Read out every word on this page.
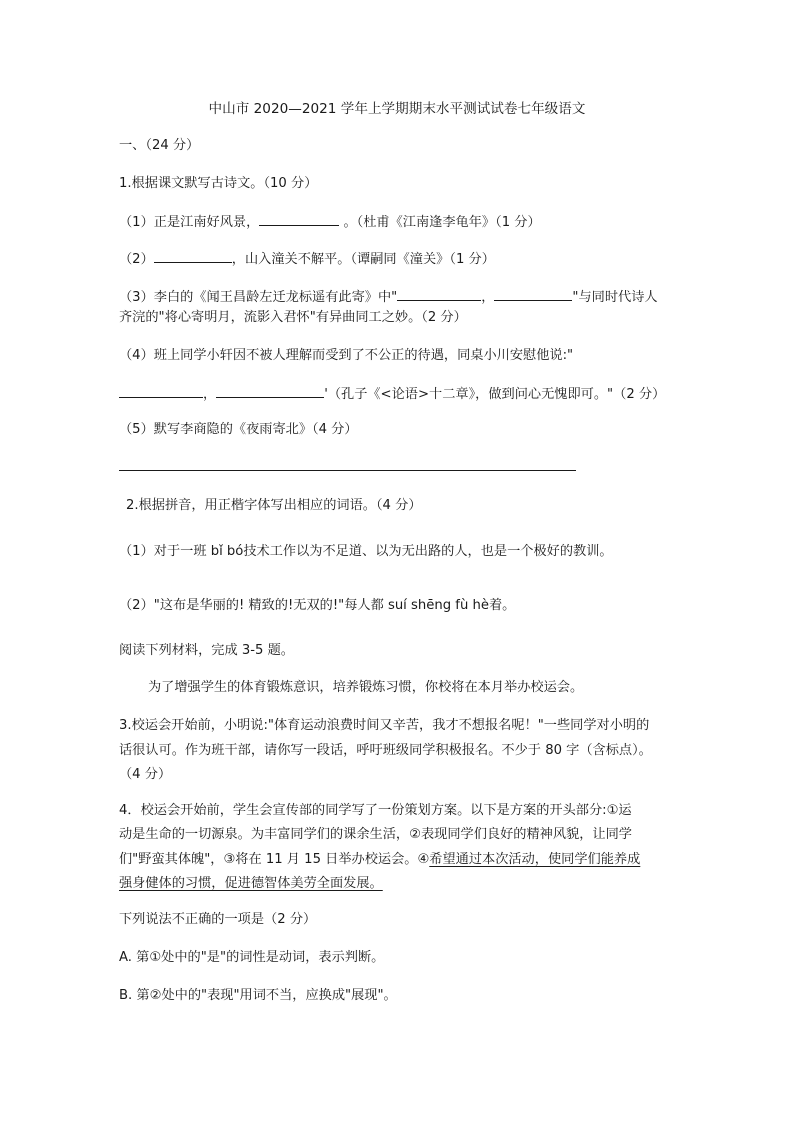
中山市 2020—2021 学年上学期期末水平测试试卷七年级语文
一、（24 分）
1.根据课文默写古诗文。（10 分）
（1）正是江南好风景，	。（杜甫《江南逢李龟年》（1 分）
（2）	，山入潼关不解平。（谭嗣同《潼关》（1 分）
（3）李白的《闻王昌龄左迁龙标遥有此寄》中"	，	"与同时代诗人
齐浣的"将心寄明月，流影入君怀"有异曲同工之妙。（2 分）
（4）班上同学小轩因不被人理解而受到了不公正的待遇，同桌小川安慰他说:"
，	'（孔子《<论语>十二章》，做到问心无愧即可。"（2 分）
（5）默写李商隐的《夜雨寄北》（4 分）
2.根据拼音，用正楷字体写出相应的词语。（4 分）
（1）对于一班 bǐ bó技术工作以为不足道、以为无出路的人，也是一个极好的教训。
（2）"这布是华丽的! 精致的!无双的!"每人都 suí shēng fù hè着。
阅读下列材料，完成 3-5 题。
为了增强学生的体育锻炼意识，培养锻炼习惯，你校将在本月举办校运会。
3.校运会开始前，小明说:"体育运动浪费时间又辛苦，我才不想报名呢！"一些同学对小明的
话很认可。作为班干部，请你写一段话，呼吁班级同学积极报名。不少于 80 字（含标点）。
（4 分）
4．校运会开始前，学生会宣传部的同学写了一份策划方案。以下是方案的开头部分:①运
动是生命的一切源泉。为丰富同学们的课余生活，②表现同学们良好的精神风貌，让同学
们"野蛮其体魄"，③将在 11 月 15 日举办校运会。④希望通过本次活动，使同学们能养成
强身健体的习惯，促进德智体美劳全面发展。
下列说法不正确的一项是（2 分）
A. 第①处中的"是"的词性是动词，表示判断。
B. 第②处中的"表现"用词不当，应换成"展现"。
